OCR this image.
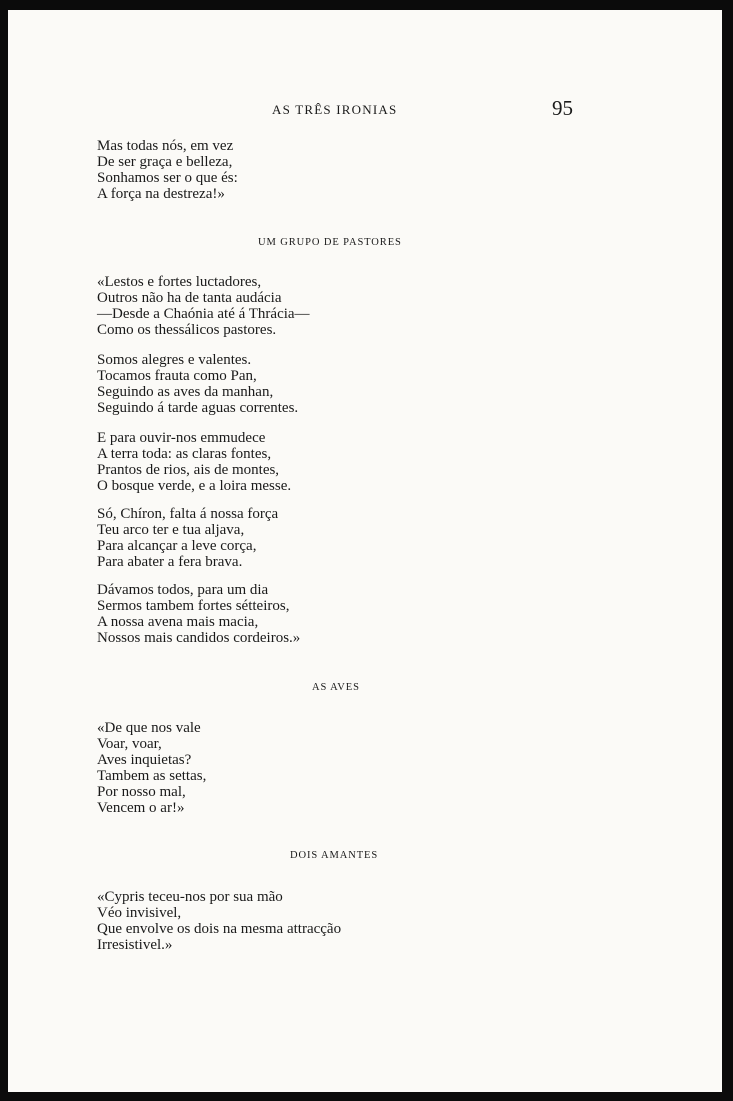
AS TRÊS IRONIAS	95
Mas todas nós, em vez
De ser graça e belleza,
Sonhamos ser o que és:
A força na destreza!»
UM GRUPO DE PASTORES
«Lestos e fortes luctadores,
Outros não ha de tanta audácia
—Desde a Chaónia até á Thrácia—
Como os thessálicos pastores.
Somos alegres e valentes.
Tocamos frauta como Pan,
Seguindo as aves da manhan,
Seguindo á tarde aguas correntes.
E para ouvir-nos emmudece
A terra toda: as claras fontes,
Prantos de rios, ais de montes,
O bosque verde, e a loira messe.
Só, Chíron, falta á nossa força
Teu arco ter e tua aljava,
Para alcançar a leve corça,
Para abater a fera brava.
Dávamos todos, para um dia
Sermos tambem fortes sétteiros,
A nossa avena mais macia,
Nossos mais candidos cordeiros.»
AS AVES
«De que nos vale
Voar, voar,
Aves inquietas?
Tambem as settas,
Por nosso mal,
Vencem o ar!»
DOIS AMANTES
«Cypris teceu-nos por sua mão
Véo invisivel,
Que envolve os dois na mesma attracção
Irresistivel.»
